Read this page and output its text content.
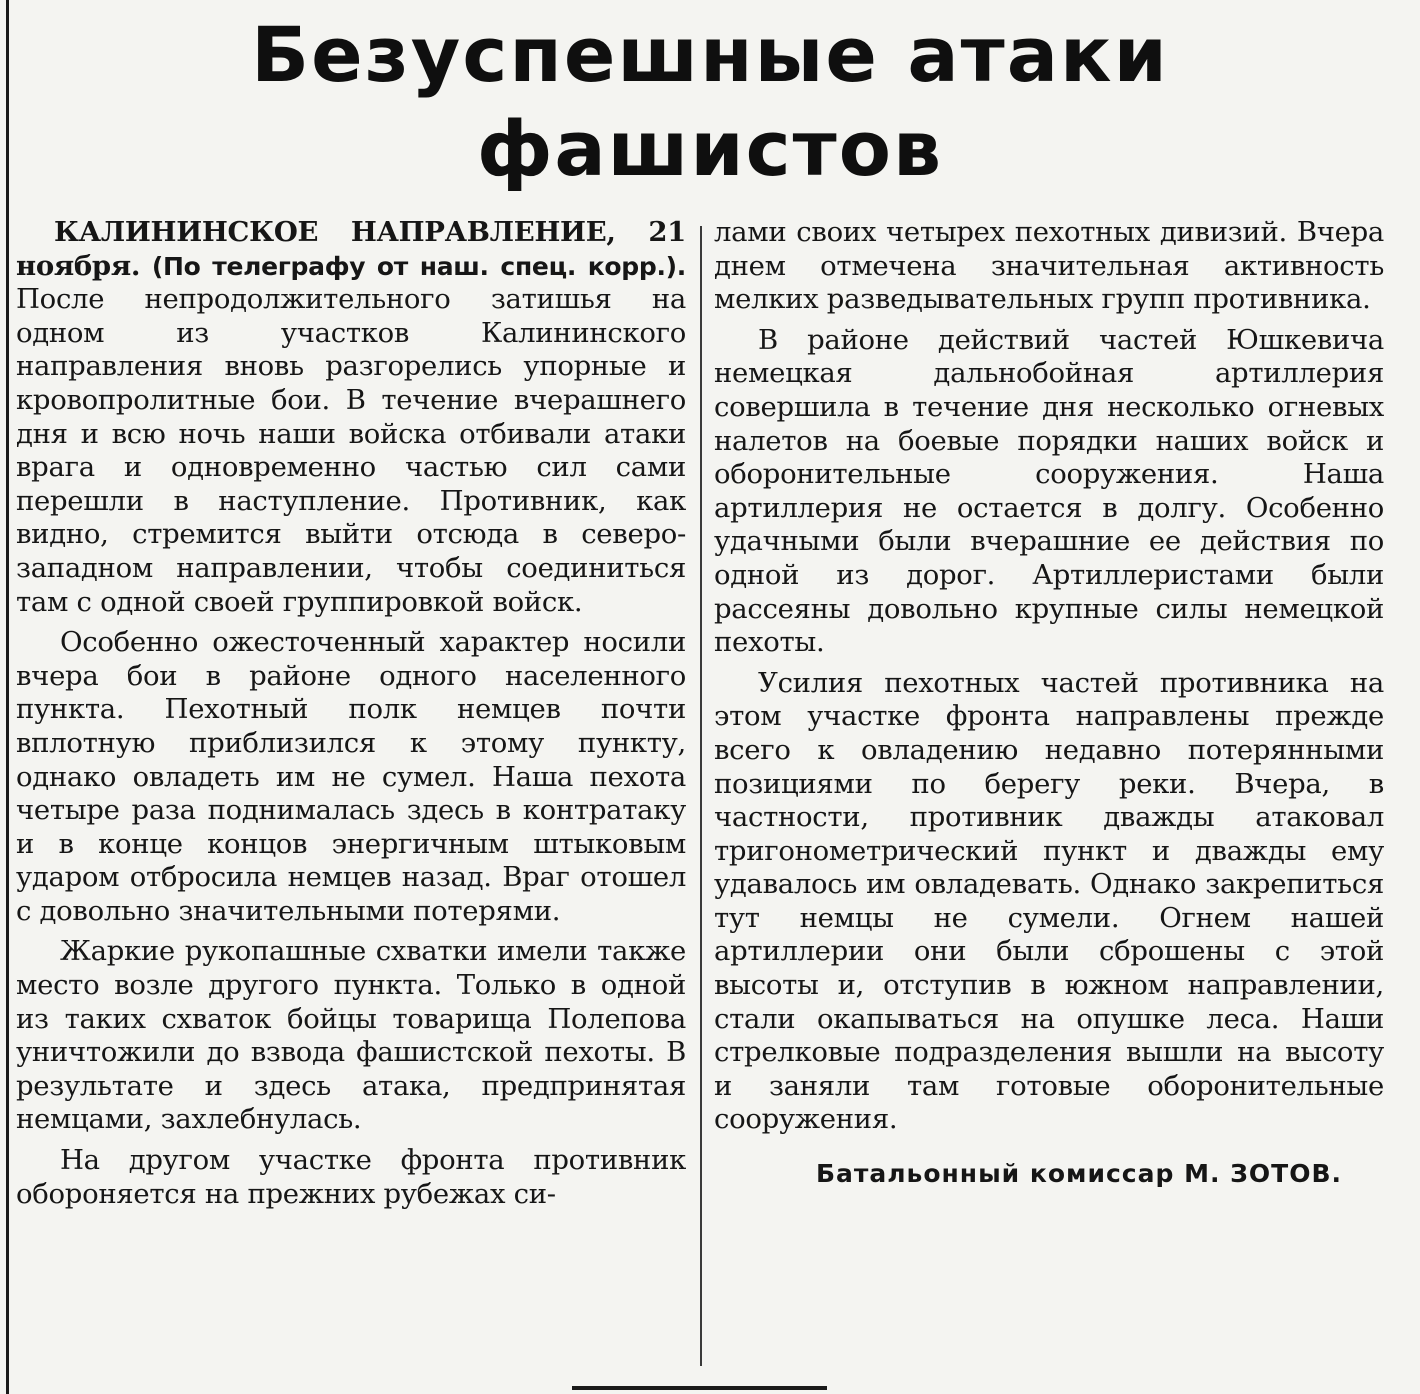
Безуспешные атаки
фашистов

КАЛИНИНСКОЕ НАПРАВЛЕНИЕ, 21 ноября. (По телеграфу от наш. спец. корр.). После непродолжительного затишья на одном из участков Калининского направления вновь разгорелись упорные и кровопролитные бои. В течение вчерашнего дня и всю ночь наши войска отбивали атаки врага и одновременно частью сил сами перешли в наступление. Противник, как видно, стремится выйти отсюда в северо-западном направлении, чтобы соединиться там с одной своей группировкой войск.

Особенно ожесточенный характер носили вчера бои в районе одного населенного пункта. Пехотный полк немцев почти вплотную приблизился к этому пункту, однако овладеть им не сумел. Наша пехота четыре раза поднималась здесь в контратаку и в конце концов энергичным штыковым ударом отбросила немцев назад. Враг отошел с довольно значительными потерями.

Жаркие рукопашные схватки имели также место возле другого пункта. Только в одной из таких схваток бойцы товарища Полепова уничтожили до взвода фашистской пехоты. В результате и здесь атака, предпринятая немцами, захлебнулась.

На другом участке фронта противник обороняется на прежних рубежах си-

лами своих четырех пехотных дивизий. Вчера днем отмечена значительная активность мелких разведывательных групп противника.

В районе действий частей Юшкевича немецкая дальнобойная артиллерия совершила в течение дня несколько огневых налетов на боевые порядки наших войск и оборонительные сооружения. Наша артиллерия не остается в долгу. Особенно удачными были вчерашние ее действия по одной из дорог. Артиллеристами были рассеяны довольно крупные силы немецкой пехоты.

Усилия пехотных частей противника на этом участке фронта направлены прежде всего к овладению недавно потерянными позициями по берегу реки. Вчера, в частности, противник дважды атаковал тригонометрический пункт и дважды ему удавалось им овладевать. Однако закрепиться тут немцы не сумели. Огнем нашей артиллерии они были сброшены с этой высоты и, отступив в южном направлении, стали окапываться на опушке леса. Наши стрелковые подразделения вышли на высоту и заняли там готовые оборонительные сооружения.

Батальонный комиссар М. ЗОТОВ.
